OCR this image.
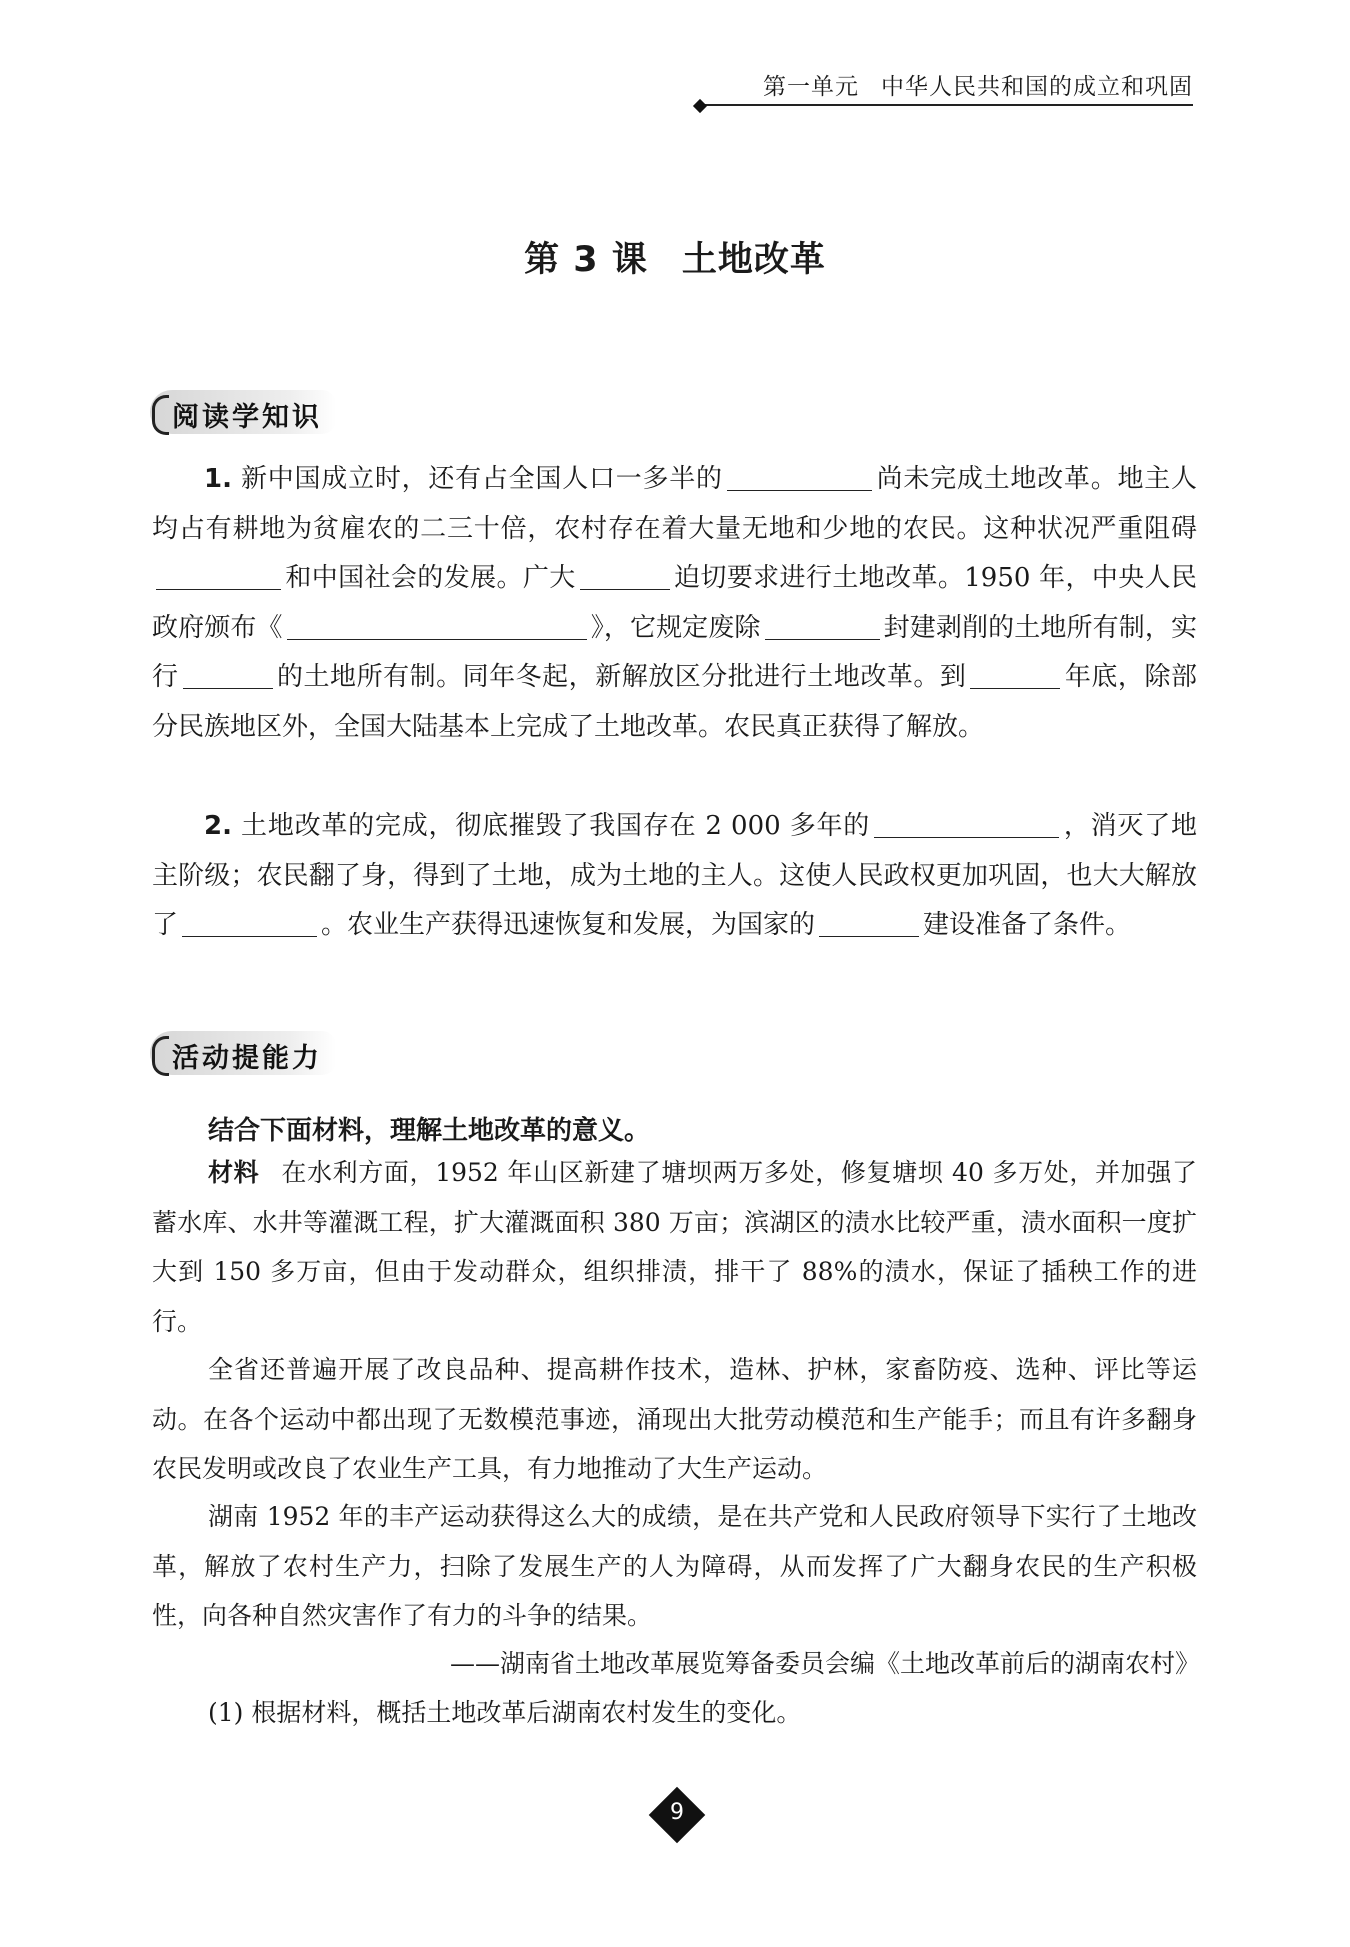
第一单元 中华人民共和国的成立和巩固
第 3 课 土地改革
阅读学知识
1. 新中国成立时，还有占全国人口一多半的	尚未完成土地改革。地主人均占有耕地为贫雇农的二三十倍，农村存在着大量无地和少地的农民。这种状况严重阻碍和中国社会的发展。广大	迫切要求进行土地改革。1950 年，中央人民政府颁布《	》，它规定废除	封建剥削的土地所有制，实行	的土地所有制。同年冬起，新解放区分批进行土地改革。到	年底，除部分民族地区外，全国大陆基本上完成了土地改革。农民真正获得了解放。
2. 土地改革的完成，彻底摧毁了我国存在 2 000 多年的	，消灭了地主阶级；农民翻了身，得到了土地，成为土地的主人。这使人民政权更加巩固，也大大解放了	。农业生产获得迅速恢复和发展，为国家的	建设准备了条件。
活动提能力
结合下面材料，理解土地改革的意义。

材料 在水利方面，1952 年山区新建了塘坝两万多处，修复塘坝 40 多万处，并加强了蓄水库、水井等灌溉工程，扩大灌溉面积 380 万亩；滨湖区的渍水比较严重，渍水面积一度扩大到 150 多万亩，但由于发动群众，组织排渍，排干了 88%的渍水，保证了插秧工作的进行。

全省还普遍开展了改良品种、提高耕作技术，造林、护林，家畜防疫、选种、评比等运动。在各个运动中都出现了无数模范事迹，涌现出大批劳动模范和生产能手；而且有许多翻身农民发明或改良了农业生产工具，有力地推动了大生产运动。

湖南 1952 年的丰产运动获得这么大的成绩，是在共产党和人民政府领导下实行了土地改革，解放了农村生产力，扫除了发展生产的人为障碍，从而发挥了广大翻身农民的生产积极性，向各种自然灾害作了有力的斗争的结果。

——湖南省土地改革展览筹备委员会编《土地改革前后的湖南农村》
(1) 根据材料，概括土地改革后湖南农村发生的变化。
9
